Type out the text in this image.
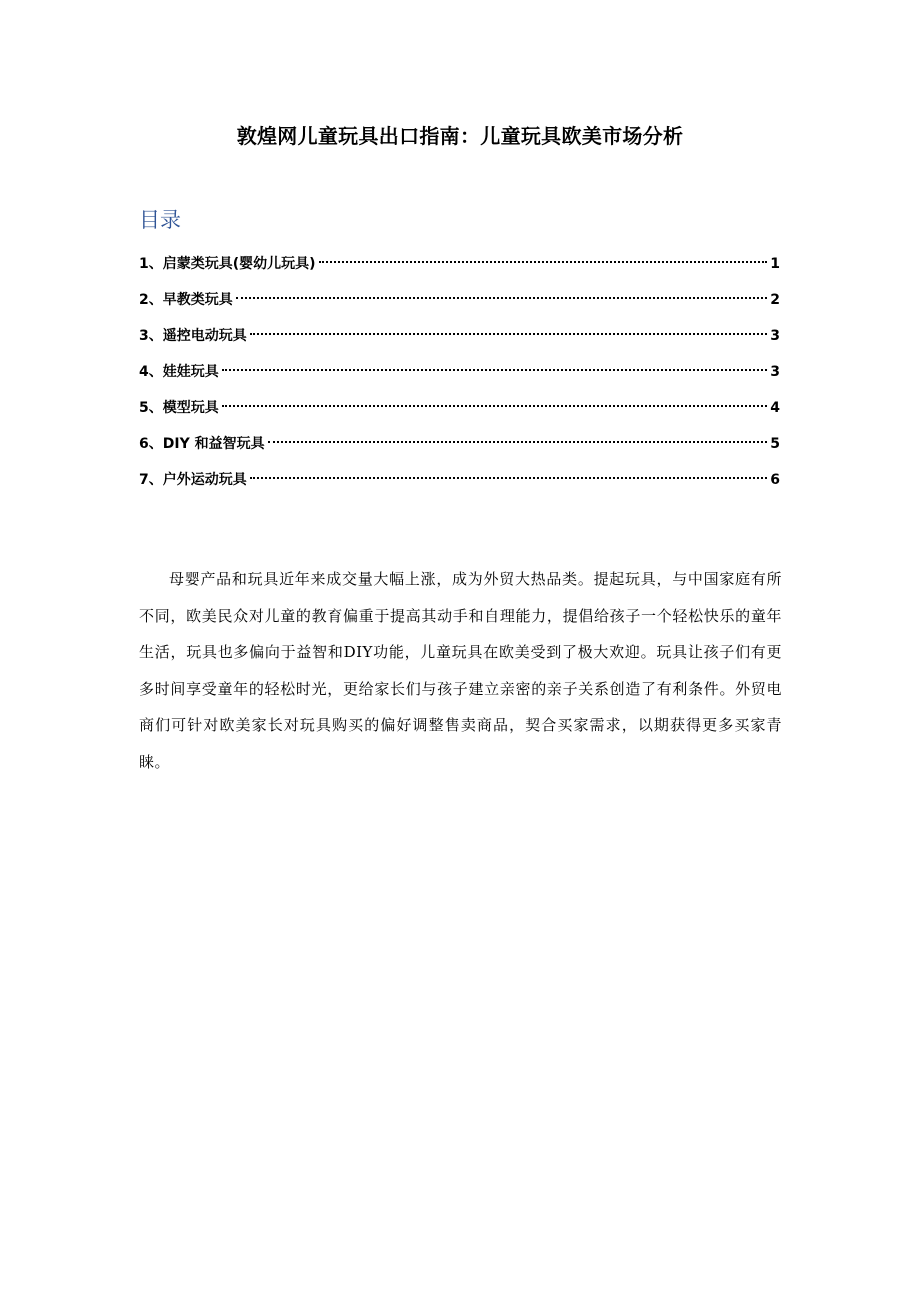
敦煌网儿童玩具出口指南：儿童玩具欧美市场分析
目录
1、启蒙类玩具(婴幼儿玩具)	1
2、早教类玩具	2
3、遥控电动玩具	3
4、娃娃玩具	3
5、模型玩具	4
6、DIY 和益智玩具	5
7、户外运动玩具	6

母婴产品和玩具近年来成交量大幅上涨，成为外贸大热品类。提起玩具，与中国家庭有所不同，欧美民众对儿童的教育偏重于提高其动手和自理能力，提倡给孩子一个轻松快乐的童年生活，玩具也多偏向于益智和DIY功能，儿童玩具在欧美受到了极大欢迎。玩具让孩子们有更多时间享受童年的轻松时光，更给家长们与孩子建立亲密的亲子关系创造了有利条件。外贸电商们可针对欧美家长对玩具购买的偏好调整售卖商品，契合买家需求，以期获得更多买家青睐。
